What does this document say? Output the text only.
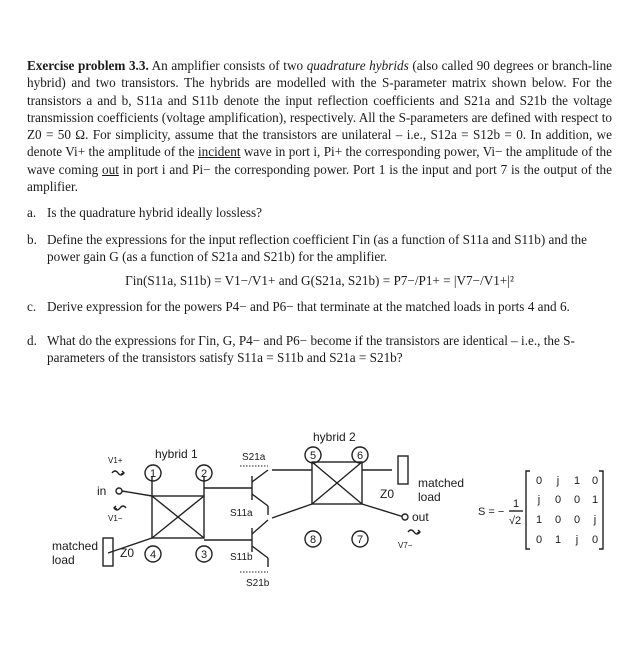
Exercise problem 3.3. An amplifier consists of two quadrature hybrids (also called 90 degrees or branch-line hybrid) and two transistors. The hybrids are modelled with the S-parameter matrix shown below. For the transistors a and b, S11a and S11b denote the input reflection coefficients and S21a and S21b the voltage transmission coefficients (voltage amplification), respectively. All the S-parameters are defined with respect to Z0 = 50 Ω. For simplicity, assume that the transistors are unilateral – i.e., S12a = S12b = 0. In addition, we denote Vi+ the amplitude of the incident wave in port i, Pi+ the corresponding power, Vi− the amplitude of the wave coming out in port i and Pi− the corresponding power. Port 1 is the input and port 7 is the output of the amplifier.

a. Is the quadrature hybrid ideally lossless?
b. Define the expressions for the input reflection coefficient Γin (as a function of S11a and S11b) and the power gain G (as a function of S21a and S21b) for the amplifier.
Γin(S11a, S11b) = V1−/V1+ and G(S21a, S21b) = P7−/P1+ = |V7−/V1+|²
c. Derive expression for the powers P4− and P6− that terminate at the matched loads in ports 4 and 6.
d. What do the expressions for Γin, G, P4− and P6− become if the transistors are identical – i.e., the S-parameters of the transistors satisfy S11a = S11b and S21a = S21b?
hybrid 1
hybrid 2
in
out
matched
load
matched
load
Z0
Z0
V1+
V1−
V7−
S21a
S11a
S11b
S21b
1	2
3
4
5	6
7
8
S = −
1
√2
0 j 1 0
j 0 0 1
1 0 0 j
0 1 j 0
